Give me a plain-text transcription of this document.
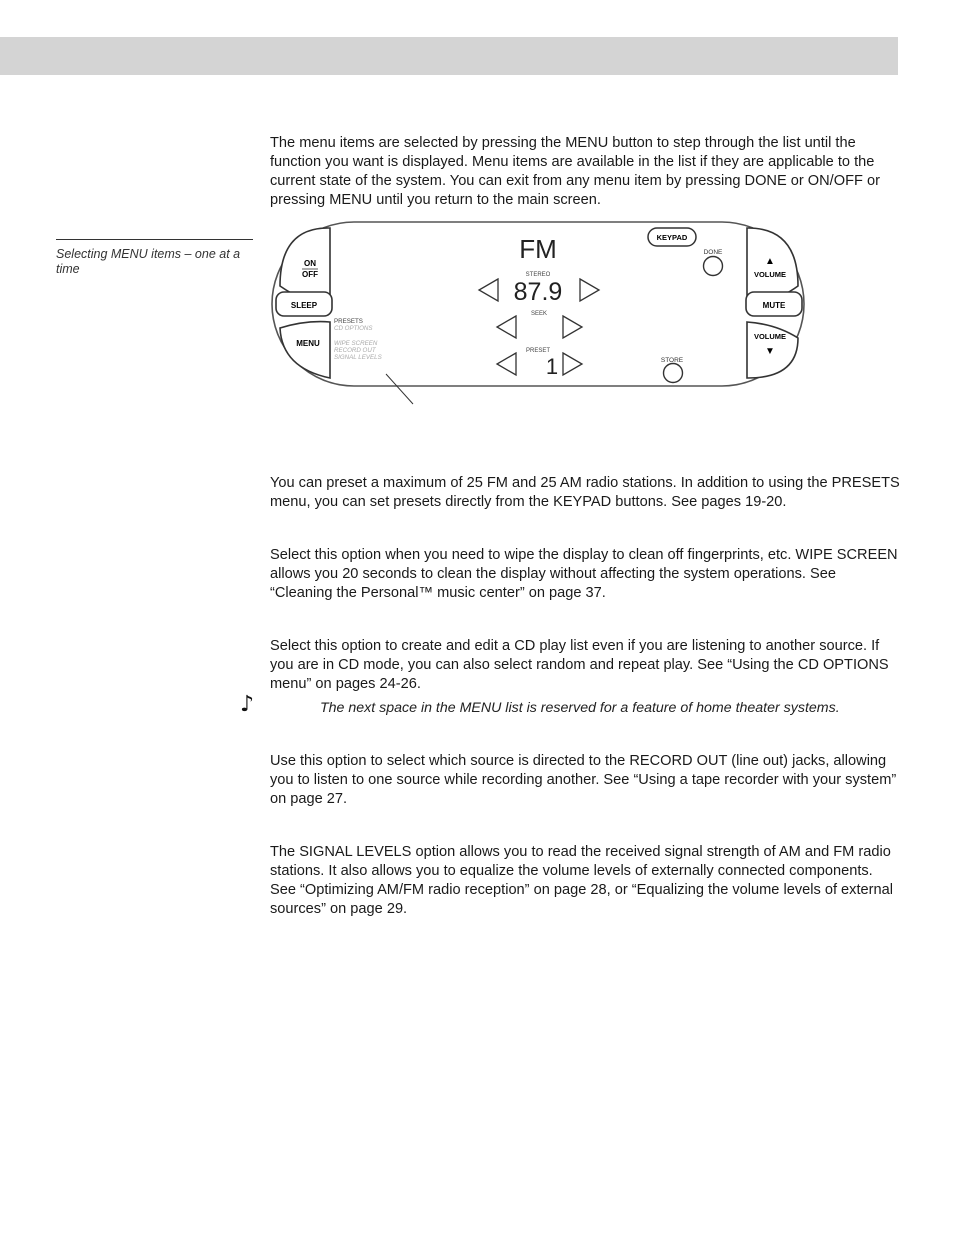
The menu items are selected by pressing the MENU button to step through the list until the function you want is displayed. Menu items are available in the list if they are applicable to the current state of the system. You can exit from any menu item by pressing DONE or ON/OFF or pressing MENU until you return to the main screen.

Selecting MENU items – one at a time	ON
OFF
SLEEP
MENU
PRESETS
CD OPTIONS
WIPE SCREEN
RECORD OUT
SIGNAL LEVELS
FM
STEREO
87.9
SEEK
PRESET
1
KEYPAD
DONE
STORE
▲
VOLUME
MUTE
VOLUME
▼

You can preset a maximum of 25 FM and 25 AM radio stations. In addition to using the PRESETS menu, you can set presets directly from the KEYPAD buttons. See pages 19-20.

Select this option when you need to wipe the display to clean off fingerprints, etc. WIPE SCREEN allows you 20 seconds to clean the display without affecting the system operations. See “Cleaning the Personal™ music center” on page 37.

Select this option to create and edit a CD play list even if you are listening to another source. If you are in CD mode, you can also select random and repeat play. See “Using the CD OPTIONS menu” on pages 24-26.

♪	The next space in the MENU list is reserved for a feature of home theater systems.

Use this option to select which source is directed to the RECORD OUT (line out) jacks, allowing you to listen to one source while recording another. See “Using a tape recorder with your system” on page 27.

The SIGNAL LEVELS option allows you to read the received signal strength of AM and FM radio stations. It also allows you to equalize the volume levels of externally connected components. See “Optimizing AM/FM radio reception” on page 28, or “Equalizing the volume levels of external sources” on page 29.
